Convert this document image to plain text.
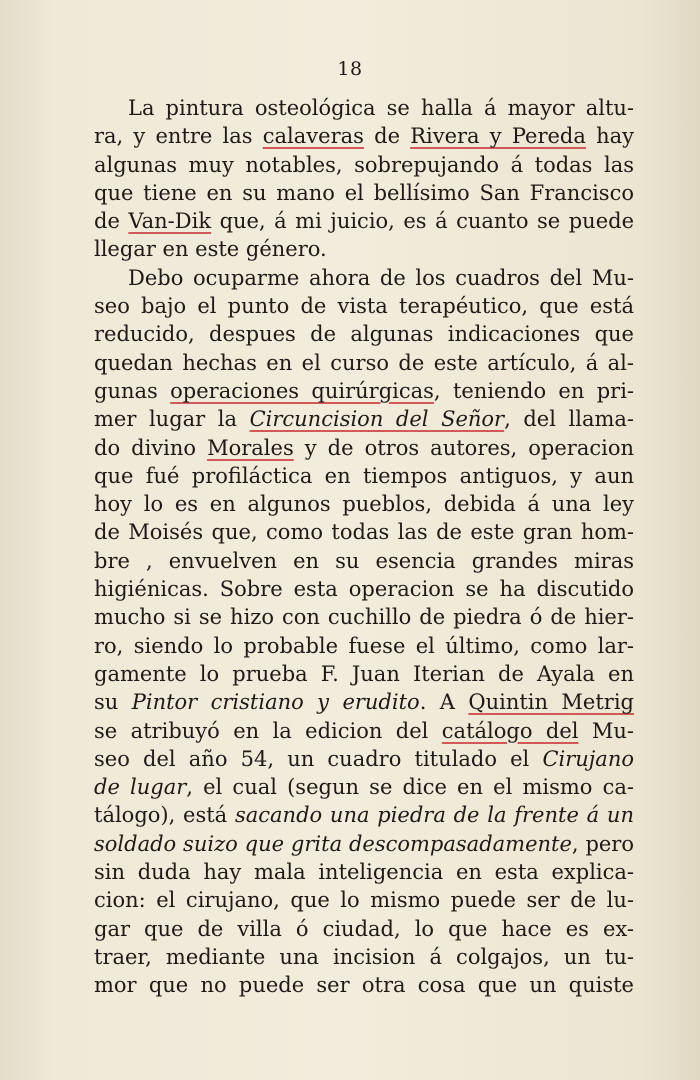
18
La pintura osteológica se halla á mayor altu-
ra, y entre las calaveras de Rivera y Pereda hay
algunas muy notables, sobrepujando á todas las
que tiene en su mano el bellísimo San Francisco
de Van-Dik que, á mi juicio, es á cuanto se puede
llegar en este género.
Debo ocuparme ahora de los cuadros del Mu-
seo bajo el punto de vista terapéutico, que está
reducido, despues de algunas indicaciones que
quedan hechas en el curso de este artículo, á al-
gunas operaciones quirúrgicas, teniendo en pri-
mer lugar la Circuncision del Señor, del llama-
do divino Morales y de otros autores, operacion
que fué profiláctica en tiempos antiguos, y aun
hoy lo es en algunos pueblos, debida á una ley
de Moisés que, como todas las de este gran hom-
bre , envuelven en su esencia grandes miras
higiénicas. Sobre esta operacion se ha discutido
mucho si se hizo con cuchillo de piedra ó de hier-
ro, siendo lo probable fuese el último, como lar-
gamente lo prueba F. Juan Iterian de Ayala en
su Pintor cristiano y erudito. A Quintin Metrig
se atribuyó en la edicion del catálogo del Mu-
seo del año 54, un cuadro titulado el Cirujano
de lugar, el cual (segun se dice en el mismo ca-
tálogo), está sacando una piedra de la frente á un
soldado suizo que grita descompasadamente, pero
sin duda hay mala inteligencia en esta explica-
cion: el cirujano, que lo mismo puede ser de lu-
gar que de villa ó ciudad, lo que hace es ex-
traer, mediante una incision á colgajos, un tu-
mor que no puede ser otra cosa que un quiste
